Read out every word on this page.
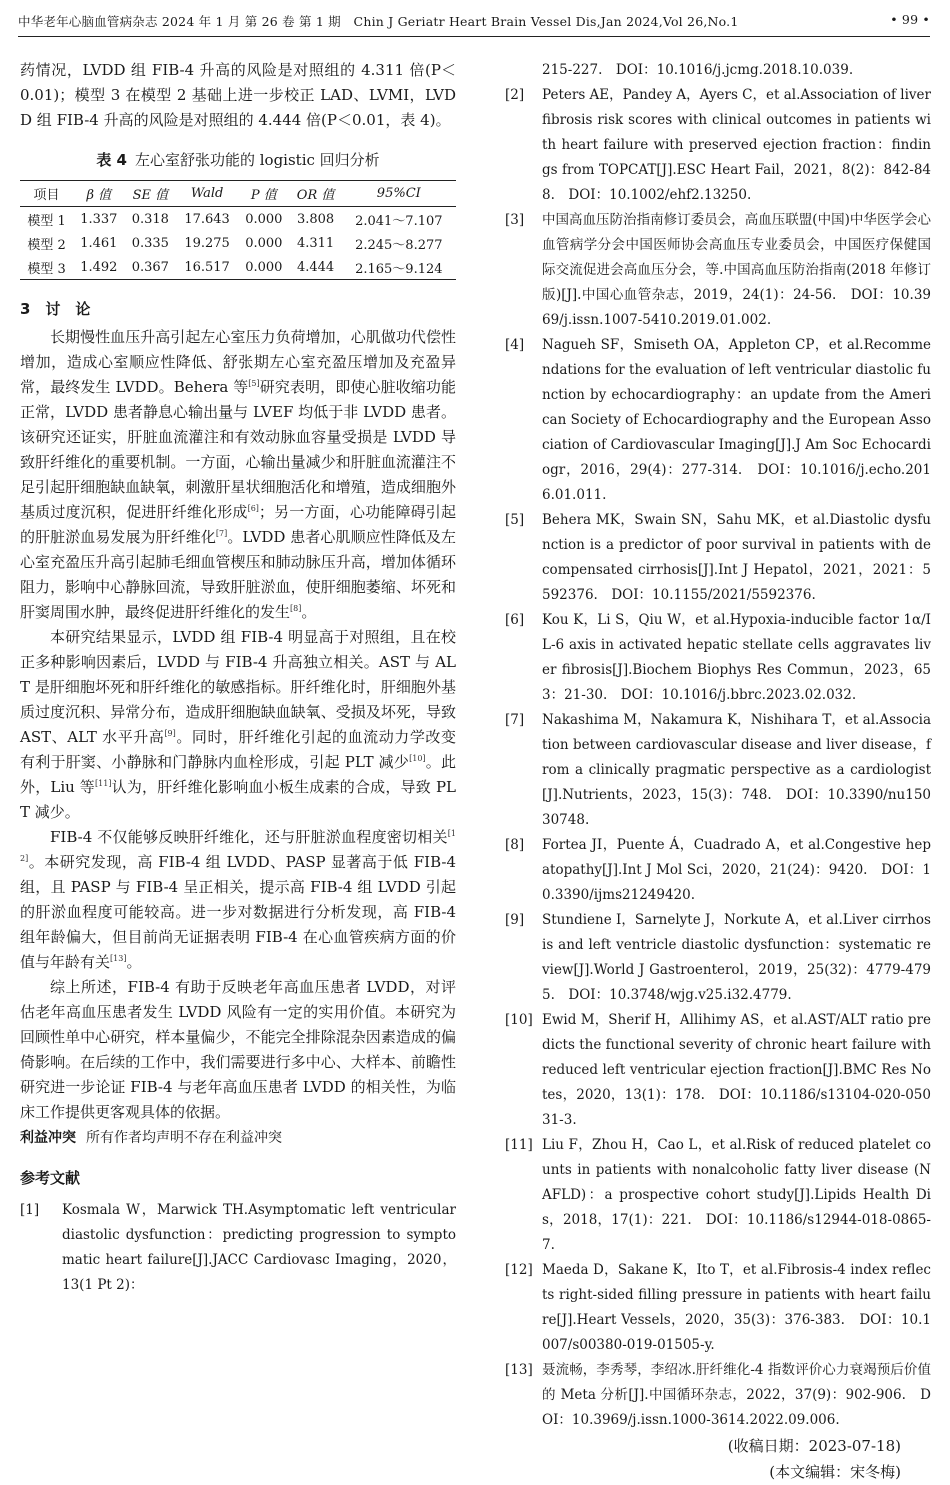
中华老年心脑血管病杂志 2024 年 1 月 第 26 卷 第 1 期　Chin J Geriatr Heart Brain Vessel Dis,Jan 2024,Vol 26,No.1	• 99 •

药情况，LVDD 组 FIB-4 升高的风险是对照组的 4.311 倍(P＜0.01)；模型 3 在模型 2 基础上进一步校正 LAD、LVMI，LVDD 组 FIB-4 升高的风险是对照组的 4.444 倍(P＜0.01，表 4)。

表 4 左心室舒张功能的 logistic 回归分析
项目	β 值	SE 值	Wald	P 值	OR 值	95%CI
模型 1	1.337	0.318	17.643	0.000	3.808	2.041～7.107
模型 2	1.461	0.335	19.275	0.000	4.311	2.245～8.277
模型 3	1.492	0.367	16.517	0.000	4.444	2.165～9.124
3　讨　论

长期慢性血压升高引起左心室压力负荷增加，心肌做功代偿性增加，造成心室顺应性降低、舒张期左心室充盈压增加及充盈异常，最终发生 LVDD。Behera 等[5]研究表明，即使心脏收缩功能正常，LVDD 患者静息心输出量与 LVEF 均低于非 LVDD 患者。该研究还证实，肝脏血流灌注和有效动脉血容量受损是 LVDD 导致肝纤维化的重要机制。一方面，心输出量减少和肝脏血流灌注不足引起肝细胞缺血缺氧，刺激肝星状细胞活化和增殖，造成细胞外基质过度沉积，促进肝纤维化形成[6]；另一方面，心功能障碍引起的肝脏淤血易发展为肝纤维化[7]。LVDD 患者心肌顺应性降低及左心室充盈压升高引起肺毛细血管楔压和肺动脉压升高，增加体循环阻力，影响中心静脉回流，导致肝脏淤血，使肝细胞萎缩、坏死和肝窦周围水肿，最终促进肝纤维化的发生[8]。

本研究结果显示，LVDD 组 FIB-4 明显高于对照组，且在校正多种影响因素后，LVDD 与 FIB-4 升高独立相关。AST 与 ALT 是肝细胞坏死和肝纤维化的敏感指标。肝纤维化时，肝细胞外基质过度沉积、异常分布，造成肝细胞缺血缺氧、受损及坏死，导致 AST、ALT 水平升高[9]。同时，肝纤维化引起的血流动力学改变有利于肝窦、小静脉和门静脉内血栓形成，引起 PLT 减少[10]。此外，Liu 等[11]认为，肝纤维化影响血小板生成素的合成，导致 PLT 减少。

FIB-4 不仅能够反映肝纤维化，还与肝脏淤血程度密切相关[12]。本研究发现，高 FIB-4 组 LVDD、PASP 显著高于低 FIB-4 组，且 PASP 与 FIB-4 呈正相关，提示高 FIB-4 组 LVDD 引起的肝淤血程度可能较高。进一步对数据进行分析发现，高 FIB-4 组年龄偏大，但目前尚无证据表明 FIB-4 在心血管疾病方面的价值与年龄有关[13]。

综上所述，FIB-4 有助于反映老年高血压患者 LVDD，对评估老年高血压患者发生 LVDD 风险有一定的实用价值。本研究为回顾性单中心研究，样本量偏少，不能完全排除混杂因素造成的偏倚影响。在后续的工作中，我们需要进行多中心、大样本、前瞻性研究进一步论证 FIB-4 与老年高血压患者 LVDD 的相关性，为临床工作提供更客观具体的依据。

利益冲突 所有作者均声明不存在利益冲突
参考文献
[1] Kosmala W，Marwick TH.Asymptomatic left ventricular diastolic dysfunction：predicting progression to symptomatic heart failure[J].JACC Cardiovasc Imaging，2020，13(1 Pt 2)：
215-227.　DOI：10.1016/j.jcmg.2018.10.039.
[2] Peters AE，Pandey A，Ayers C，et al.Association of liver fibrosis risk scores with clinical outcomes in patients with heart failure with preserved ejection fraction：findings from TOPCAT[J].ESC Heart Fail，2021，8(2)：842-848.　DOI：10.1002/ehf2.13250.
[3] 中国高血压防治指南修订委员会，高血压联盟(中国)中华医学会心血管病学分会中国医师协会高血压专业委员会，中国医疗保健国际交流促进会高血压分会，等.中国高血压防治指南(2018 年修订版)[J].中国心血管杂志，2019，24(1)：24-56.　DOI：10.3969/j.issn.1007-5410.2019.01.002.
[4] Nagueh SF，Smiseth OA，Appleton CP，et al.Recommendations for the evaluation of left ventricular diastolic function by echocardiography：an update from the American Society of Echocardiography and the European Association of Cardiovascular Imaging[J].J Am Soc Echocardiogr，2016，29(4)：277-314.　DOI：10.1016/j.echo.2016.01.011.
[5] Behera MK，Swain SN，Sahu MK，et al.Diastolic dysfunction is a predictor of poor survival in patients with decompensated cirrhosis[J].Int J Hepatol，2021，2021：5592376.　DOI：10.1155/2021/5592376.
[6] Kou K，Li S，Qiu W，et al.Hypoxia-inducible factor 1α/IL-6 axis in activated hepatic stellate cells aggravates liver fibrosis[J].Biochem Biophys Res Commun，2023，653：21-30.　DOI：10.1016/j.bbrc.2023.02.032.
[7] Nakashima M，Nakamura K，Nishihara T，et al.Association between cardiovascular disease and liver disease，from a clinically pragmatic perspective as a cardiologist[J].Nutrients，2023，15(3)：748.　DOI：10.3390/nu15030748.
[8] Fortea JI，Puente Á，Cuadrado A，et al.Congestive hepatopathy[J].Int J Mol Sci，2020，21(24)：9420.　DOI：10.3390/ijms21249420.
[9] Stundiene I，Sarnelyte J，Norkute A，et al.Liver cirrhosis and left ventricle diastolic dysfunction：systematic review[J].World J Gastroenterol，2019，25(32)：4779-4795.　DOI：10.3748/wjg.v25.i32.4779.
[10] Ewid M，Sherif H，Allihimy AS，et al.AST/ALT ratio predicts the functional severity of chronic heart failure with reduced left ventricular ejection fraction[J].BMC Res Notes，2020，13(1)：178.　DOI：10.1186/s13104-020-05031-3.
[11] Liu F，Zhou H，Cao L，et al.Risk of reduced platelet counts in patients with nonalcoholic fatty liver disease (NAFLD)：a prospective cohort study[J].Lipids Health Dis，2018，17(1)：221.　DOI：10.1186/s12944-018-0865-7.
[12] Maeda D，Sakane K，Ito T，et al.Fibrosis-4 index reflects right-sided filling pressure in patients with heart failure[J].Heart Vessels，2020，35(3)：376-383.　DOI：10.1007/s00380-019-01505-y.
[13] 聂流畅，李秀琴，李绍冰.肝纤维化-4 指数评价心力衰竭预后价值的 Meta 分析[J].中国循环杂志，2022，37(9)：902-906.　DOI：10.3969/j.issn.1000-3614.2022.09.006.
(收稿日期：2023-07-18)
(本文编辑：宋冬梅)
